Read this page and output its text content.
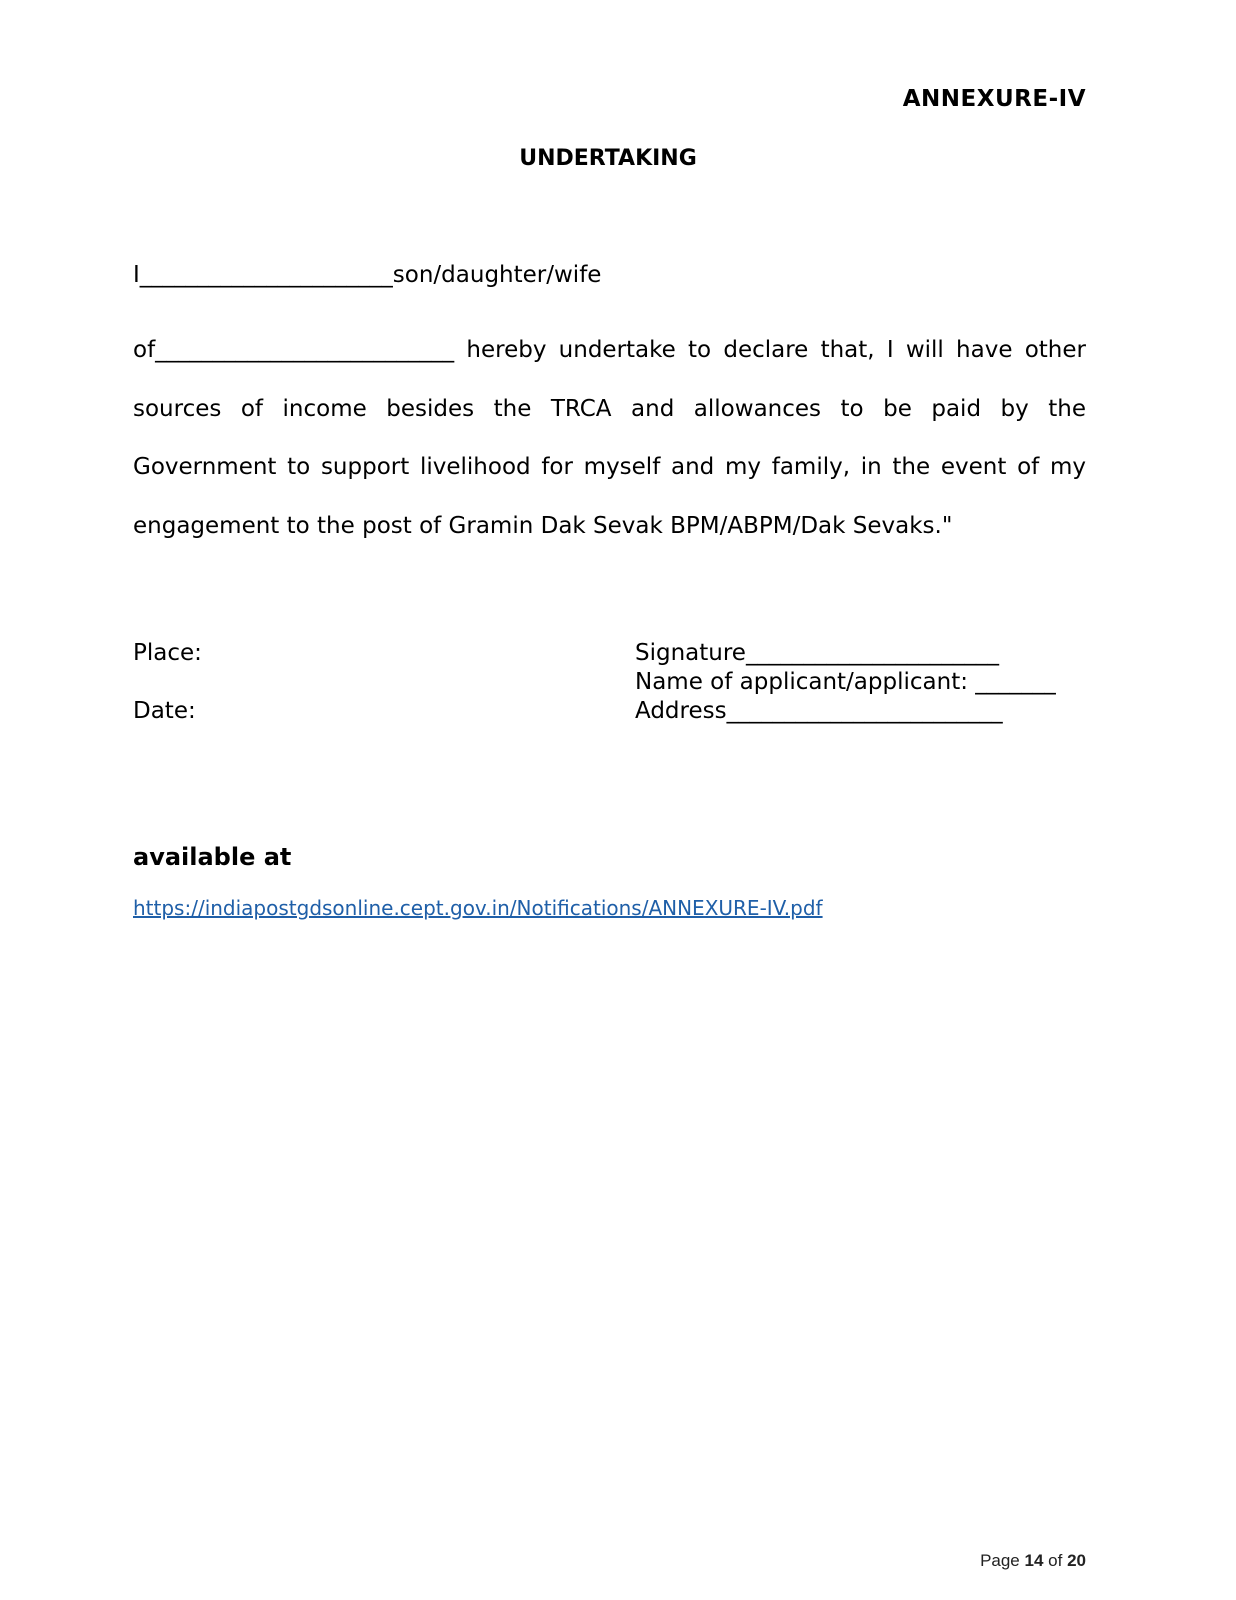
ANNEXURE-IV
UNDERTAKING
I______________________son/daughter/wife
of__________________________ hereby undertake to declare that, I will have other sources of income besides the TRCA and allowances to be paid by the Government to support livelihood for myself and my family, in the event of my engagement to the post of Gramin Dak Sevak BPM/ABPM/Dak Sevaks."
Place:
Date:
Signature______________________
Name of applicant/applicant: _______
Address________________________
available at
https://indiapostgdsonline.cept.gov.in/Notifications/ANNEXURE-IV.pdf
Page 14 of 20
